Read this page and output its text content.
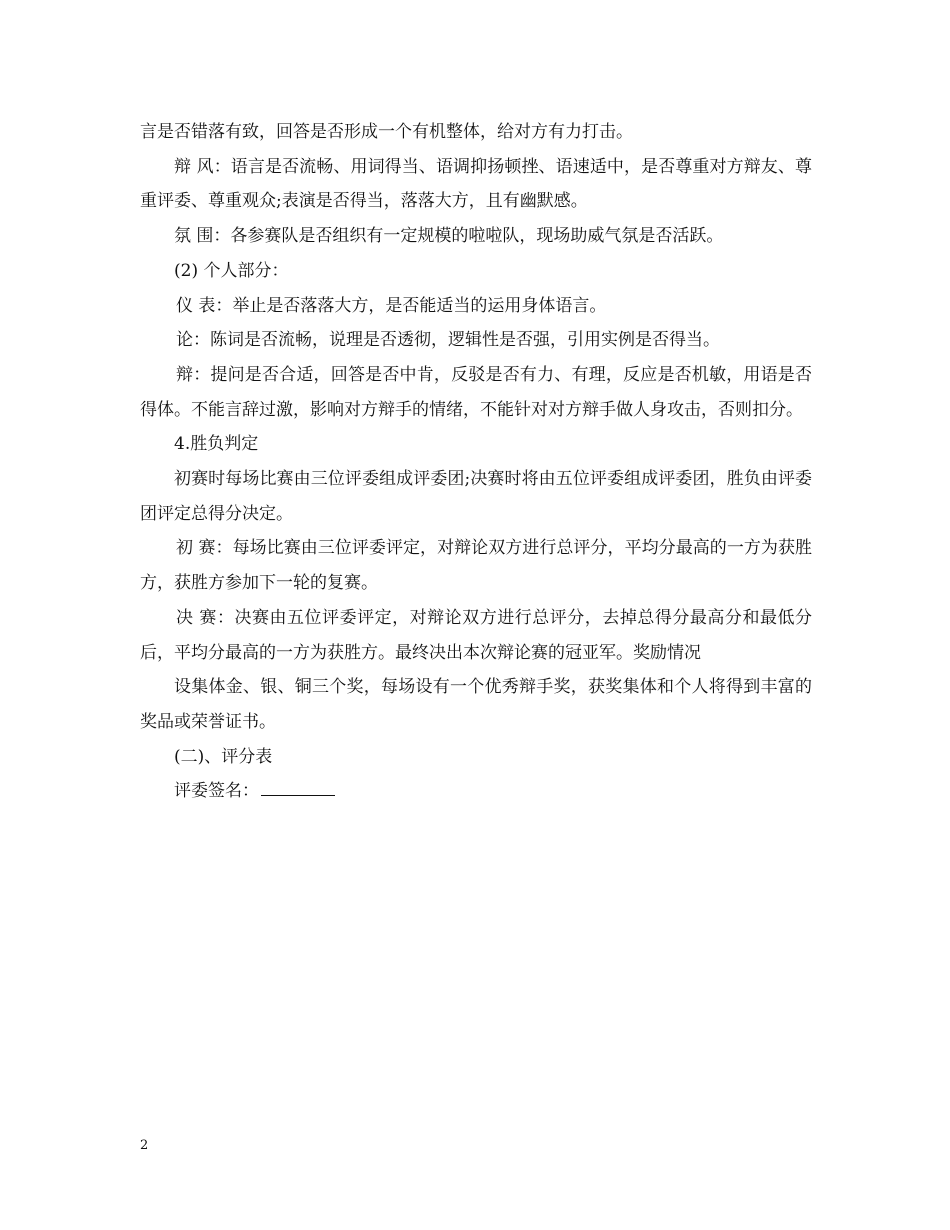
言是否错落有致，回答是否形成一个有机整体，给对方有力打击。

辩 风：语言是否流畅、用词得当、语调抑扬顿挫、语速适中，是否尊重对方辩友、尊重评委、尊重观众;表演是否得当，落落大方，且有幽默感。

氛 围：各参赛队是否组织有一定规模的啦啦队，现场助威气氛是否活跃。

(2) 个人部分：

仪 表：举止是否落落大方，是否能适当的运用身体语言。

论：陈词是否流畅，说理是否透彻，逻辑性是否强，引用实例是否得当。

辩：提问是否合适，回答是否中肯，反驳是否有力、有理，反应是否机敏，用语是否得体。不能言辞过激，影响对方辩手的情绪，不能针对对方辩手做人身攻击，否则扣分。

4.胜负判定

初赛时每场比赛由三位评委组成评委团;决赛时将由五位评委组成评委团，胜负由评委团评定总得分决定。

初 赛：每场比赛由三位评委评定，对辩论双方进行总评分，平均分最高的一方为获胜方，获胜方参加下一轮的复赛。

决 赛：决赛由五位评委评定，对辩论双方进行总评分，去掉总得分最高分和最低分后，平均分最高的一方为获胜方。最终决出本次辩论赛的冠亚军。奖励情况

设集体金、银、铜三个奖，每场设有一个优秀辩手奖，获奖集体和个人将得到丰富的奖品或荣誉证书。

(二)、评分表

评委签名：

2
